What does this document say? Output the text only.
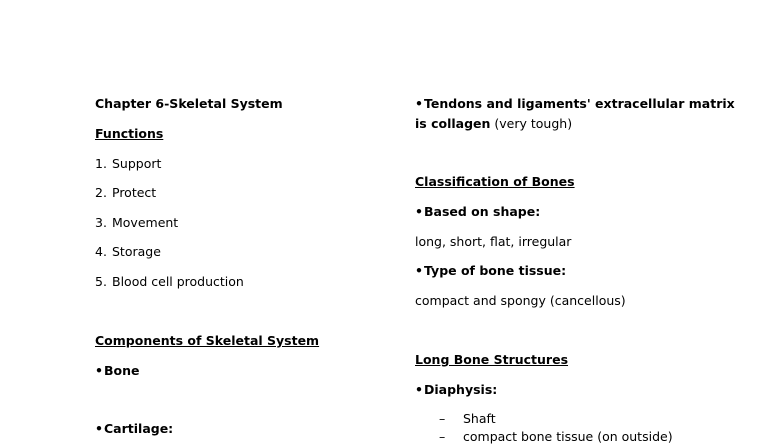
Chapter 6-Skeletal System
Functions
1. Support
2. Protect
3. Movement
4. Storage
5. Blood cell production
Components of Skeletal System
•Bone
•Cartilage:
•Tendons and ligaments' extracellular matrix
is collagen (very tough)
Classification of Bones
•Based on shape:
long, short, flat, irregular
•Type of bone tissue:
compact and spongy (cancellous)
Long Bone Structures
•Diaphysis:
– Shaft
– compact bone tissue (on outside)
